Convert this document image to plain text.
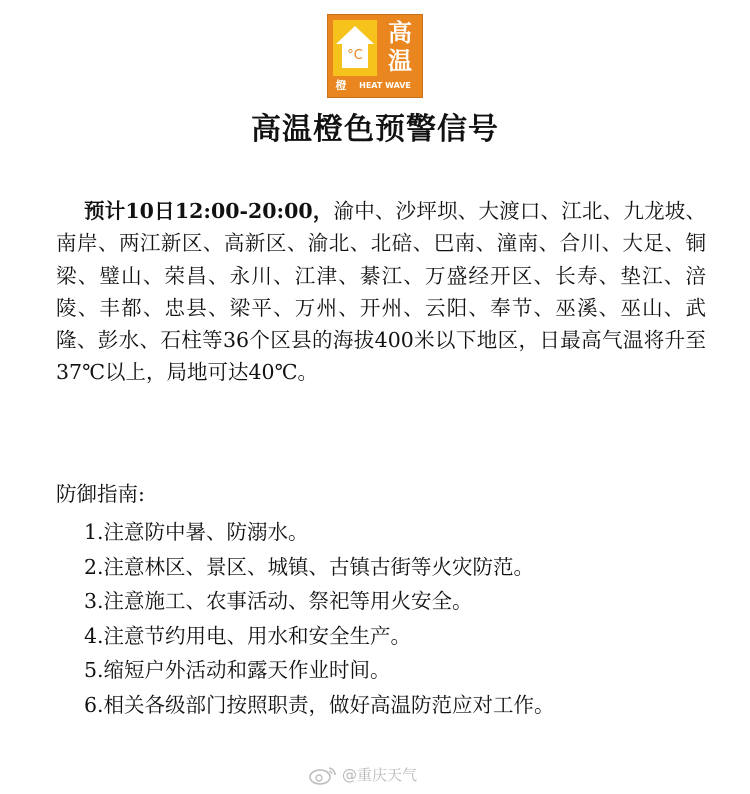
°C
高
温
橙	HEAT WAVE
高温橙色预警信号

预计10日12:00-20:00，渝中、沙坪坝、大渡口、江北、九龙坡、南岸、两江新区、高新区、渝北、北碚、巴南、潼南、合川、大足、铜梁、璧山、荣昌、永川、江津、綦江、万盛经开区、长寿、垫江、涪陵、丰都、忠县、梁平、万州、开州、云阳、奉节、巫溪、巫山、武隆、彭水、石柱等36个区县的海拔400米以下地区，日最高气温将升至37℃以上，局地可达40℃。

防御指南:

1.注意防中暑、防溺水。
2.注意林区、景区、城镇、古镇古街等火灾防范。
3.注意施工、农事活动、祭祀等用火安全。
4.注意节约用电、用水和安全生产。
5.缩短户外活动和露天作业时间。
6.相关各级部门按照职责，做好高温防范应对工作。
@重庆天气
